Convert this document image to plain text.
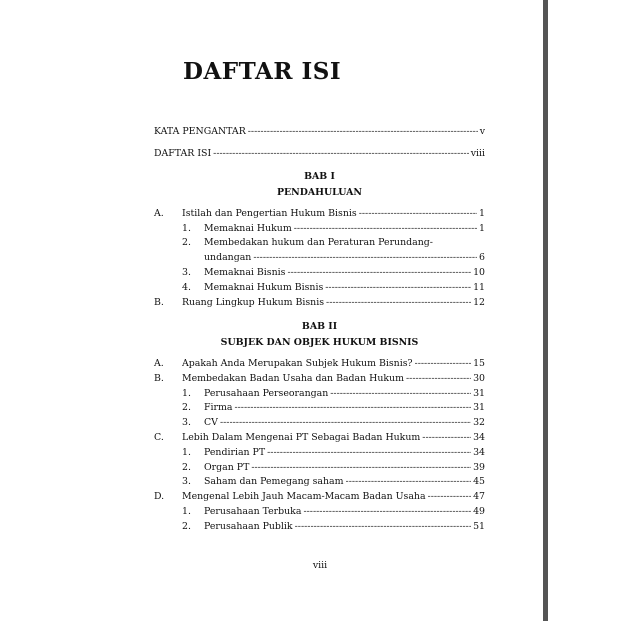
DAFTAR ISI
KATA PENGANTAR -----	v
DAFTAR ISI -----	viii
BAB I
PENDAHULUAN
A. Istilah dan Pengertian Hukum Bisnis -----	1
1. Memaknai Hukum -----	1
2. Membedakan hukum dan Peraturan Perundang-
undangan -----	6
3. Memaknai Bisnis -----	10
4. Memaknai Hukum Bisnis -----	11
B. Ruang Lingkup Hukum Bisnis -----	12
BAB II
SUBJEK DAN OBJEK HUKUM BISNIS
A. Apakah Anda Merupakan Subjek Hukum Bisnis? -----	15
B. Membedakan Badan Usaha dan Badan Hukum -----	30
1. Perusahaan Perseorangan -----	31
2. Firma -----	31
3. CV -----	32
C. Lebih Dalam Mengenai PT Sebagai Badan Hukum -----	34
1. Pendirian PT -----	34
2. Organ PT -----	39
3. Saham dan Pemegang saham -----	45
D. Mengenal Lebih Jauh Macam-Macam Badan Usaha -----	47
1. Perusahaan Terbuka -----	49
2. Perusahaan Publik -----	51
viii
